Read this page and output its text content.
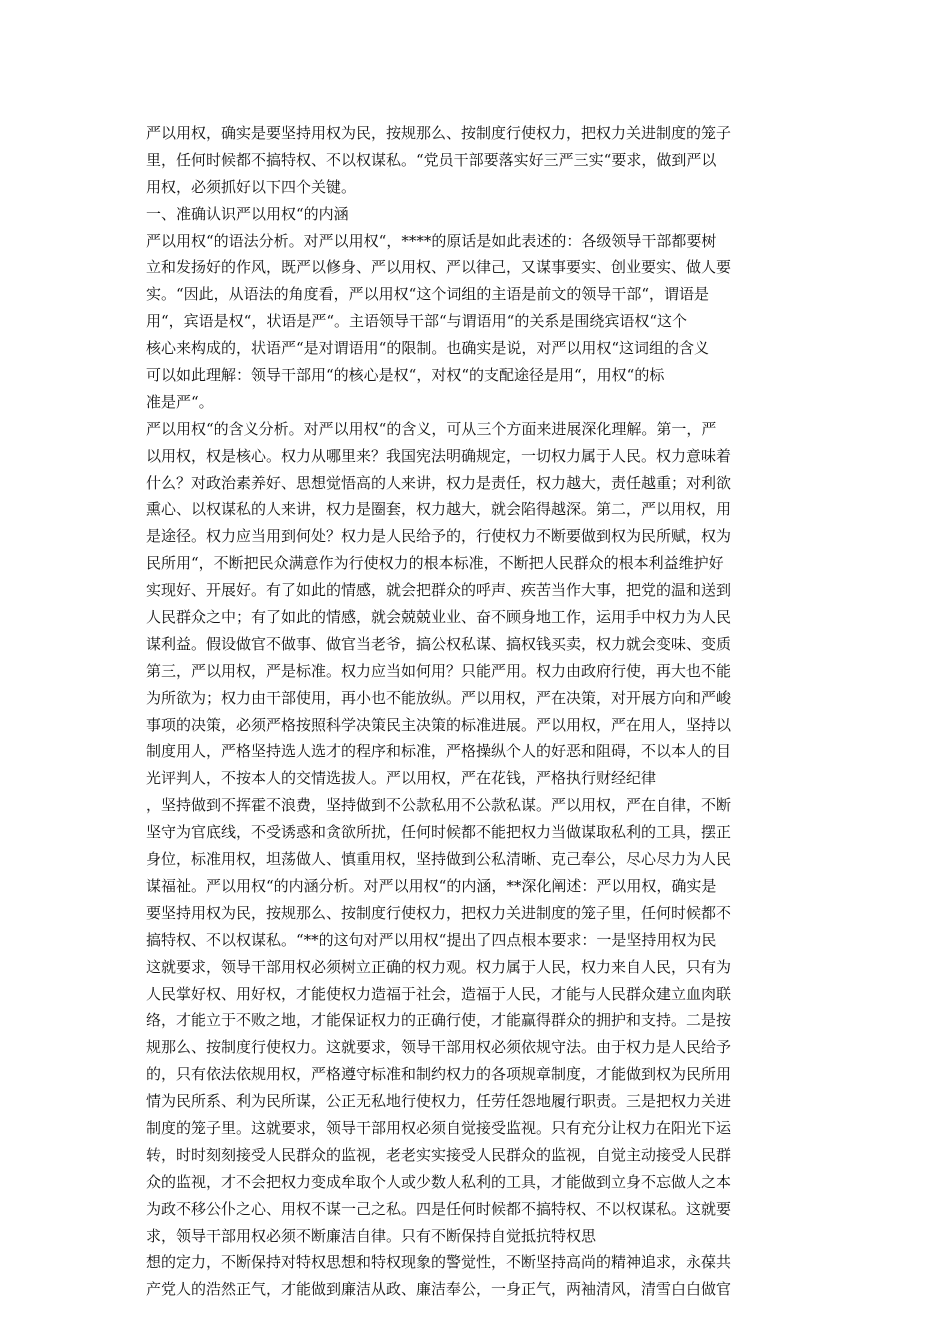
严以用权，确实是要坚持用权为民，按规那么、按制度行使权力，把权力关进制度的笼子
里，任何时候都不搞特权、不以权谋私。“党员干部要落实好三严三实“要求，做到严以
用权，必须抓好以下四个关键。
一、准确认识严以用权“的内涵
严以用权“的语法分析。对严以用权“，****的原话是如此表述的：各级领导干部都要树
立和发扬好的作风，既严以修身、严以用权、严以律己，又谋事要实、创业要实、做人要
实。“因此，从语法的角度看，严以用权“这个词组的主语是前文的领导干部“，谓语是
用“，宾语是权“，状语是严“。主语领导干部“与谓语用“的关系是围绕宾语权“这个
核心来构成的，状语严“是对谓语用“的限制。也确实是说，对严以用权“这词组的含义
可以如此理解：领导干部用“的核心是权“，对权“的支配途径是用“，用权“的标
准是严“。
严以用权“的含义分析。对严以用权“的含义，可从三个方面来进展深化理解。第一，严
以用权，权是核心。权力从哪里来？我国宪法明确规定，一切权力属于人民。权力意味着
什么？对政治素养好、思想觉悟高的人来讲，权力是责任，权力越大，责任越重；对利欲
熏心、以权谋私的人来讲，权力是圈套，权力越大，就会陷得越深。第二，严以用权，用
是途径。权力应当用到何处？权力是人民给予的，行使权力不断要做到权为民所赋，权为
民所用“，不断把民众满意作为行使权力的根本标准，不断把人民群众的根本利益维护好
实现好、开展好。有了如此的情感，就会把群众的呼声、疾苦当作大事，把党的温和送到
人民群众之中；有了如此的情感，就会兢兢业业、奋不顾身地工作，运用手中权力为人民
谋利益。假设做官不做事、做官当老爷，搞公权私谋、搞权钱买卖，权力就会变味、变质
第三，严以用权，严是标准。权力应当如何用？只能严用。权力由政府行使，再大也不能
为所欲为；权力由干部使用，再小也不能放纵。严以用权，严在决策，对开展方向和严峻
事项的决策，必须严格按照科学决策民主决策的标准进展。严以用权，严在用人，坚持以
制度用人，严格坚持选人选才的程序和标准，严格操纵个人的好恶和阻碍，不以本人的目
光评判人，不按本人的交情选拔人。严以用权，严在花钱，严格执行财经纪律
，坚持做到不挥霍不浪费，坚持做到不公款私用不公款私谋。严以用权，严在自律，不断
坚守为官底线，不受诱惑和贪欲所扰，任何时候都不能把权力当做谋取私利的工具，摆正
身位，标准用权，坦荡做人、慎重用权，坚持做到公私清晰、克己奉公，尽心尽力为人民
谋福祉。严以用权“的内涵分析。对严以用权“的内涵，**深化阐述：严以用权，确实是
要坚持用权为民，按规那么、按制度行使权力，把权力关进制度的笼子里，任何时候都不
搞特权、不以权谋私。“**的这句对严以用权“提出了四点根本要求：一是坚持用权为民
这就要求，领导干部用权必须树立正确的权力观。权力属于人民，权力来自人民，只有为
人民掌好权、用好权，才能使权力造福于社会，造福于人民，才能与人民群众建立血肉联
络，才能立于不败之地，才能保证权力的正确行使，才能赢得群众的拥护和支持。二是按
规那么、按制度行使权力。这就要求，领导干部用权必须依规守法。由于权力是人民给予
的，只有依法依规用权，严格遵守标准和制约权力的各项规章制度，才能做到权为民所用
情为民所系、利为民所谋，公正无私地行使权力，任劳任怨地履行职责。三是把权力关进
制度的笼子里。这就要求，领导干部用权必须自觉接受监视。只有充分让权力在阳光下运
转，时时刻刻接受人民群众的监视，老老实实接受人民群众的监视，自觉主动接受人民群
众的监视，才不会把权力变成牟取个人或少数人私利的工具，才能做到立身不忘做人之本
为政不移公仆之心、用权不谋一己之私。四是任何时候都不搞特权、不以权谋私。这就要
求，领导干部用权必须不断廉洁自律。只有不断保持自觉抵抗特权思
想的定力，不断保持对特权思想和特权现象的警觉性，不断坚持高尚的精神追求，永葆共
产党人的浩然正气，才能做到廉洁从政、廉洁奉公，一身正气，两袖清风，清雪白白做官
